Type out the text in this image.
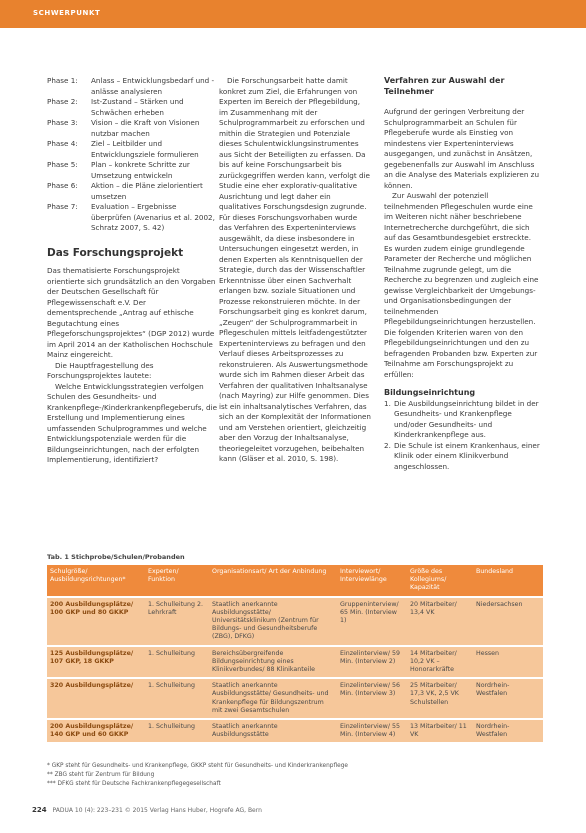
SCHWERPUNKT
Phase 1:	Anlass – Entwicklungsbedarf und -anlässe analysieren
Phase 2:	Ist-Zustand – Stärken und Schwächen erheben
Phase 3:	Vision – die Kraft von Visionen nutzbar machen
Phase 4:	Ziel – Leitbilder und Entwicklungsziele formulieren
Phase 5:	Plan – konkrete Schritte zur Umsetzung entwickeln
Phase 6:	Aktion – die Pläne zielorientiert umsetzen
Phase 7:	Evaluation – Ergebnisse überprüfen (Avenarius et al. 2002, Schratz 2007, S. 42)
Das Forschungsprojekt

Das thematisierte Forschungsprojekt orientierte sich grundsätzlich an den Vorgaben der Deutschen Gesellschaft für Pflegewissenschaft e.V. Der dementsprechende „Antrag auf ethische Begutachtung eines Pflegeforschungsprojektes“ (DGP 2012) wurde im April 2014 an der Katholischen Hochschule Mainz eingereicht.

Die Hauptfragestellung des Forschungsprojektes lautete:

Welche Entwicklungsstrategien verfolgen Schulen des Gesundheits- und Krankenpflege-/Kinderkrankenpflegeberufs, die Erstellung und Implementierung eines umfassenden Schulprogrammes und welche Entwicklungspotenziale werden für die Bildungseinrichtungen, nach der erfolgten Implementierung, identifiziert?

Die Forschungsarbeit hatte damit konkret zum Ziel, die Erfahrungen von Experten im Bereich der Pflegebildung, im Zusammenhang mit der Schulprogrammarbeit zu erforschen und mithin die Strategien und Potenziale dieses Schulentwicklungsinstrumentes aus Sicht der Beteiligten zu erfassen. Da bis auf keine Forschungsarbeit bis zurückgegriffen werden kann, verfolgt die Studie eine eher explorativ-qualitative Ausrichtung und legt daher ein qualitatives Forschungsdesign zugrunde. Für dieses Forschungsvorhaben wurde das Verfahren des Experteninterviews ausgewählt, da diese insbesondere in Untersuchungen eingesetzt werden, in denen Experten als Kenntnisquellen der Strategie, durch das der Wissenschaftler Erkenntnisse über einen Sachverhalt erlangen bzw. soziale Situationen und Prozesse rekonstruieren möchte. In der Forschungsarbeit ging es konkret darum, „Zeugen“ der Schulprogrammarbeit in Pflegeschulen mittels leitfadengestützter Experteninterviews zu befragen und den Verlauf dieses Arbeitsprozesses zu rekonstruieren. Als Auswertungsmethode wurde sich im Rahmen dieser Arbeit das Verfahren der qualitativen Inhaltsanalyse (nach Mayring) zur Hilfe genommen. Dies ist ein inhaltsanalytisches Verfahren, das sich an der Komplexität der Informationen und am Verstehen orientiert, gleichzeitig aber den Vorzug der Inhaltsanalyse, theoriegeleitet vorzugehen, beibehalten kann (Gläser et al. 2010, S. 198).

Verfahren zur Auswahl der Teilnehmer

Aufgrund der geringen Verbreitung der Schulprogrammarbeit an Schulen für Pflegeberufe wurde als Einstieg von mindestens vier Experteninterviews ausgegangen, und zunächst in Ansätzen, gegebenenfalls zur Auswahl im Anschluss an die Analyse des Materials explizieren zu können.

Zur Auswahl der potenziell teilnehmenden Pflegeschulen wurde eine im Weiteren nicht näher beschriebene Internetrecherche durchgeführt, die sich auf das Gesamtbundesgebiet erstreckte. Es wurden zudem einige grundlegende Parameter der Recherche und möglichen Teilnahme zugrunde gelegt, um die Recherche zu begrenzen und zugleich eine gewisse Vergleichbarkeit der Umgebungs- und Organisationsbedingungen der teilnehmenden Pflegebildungseinrichtungen herzustellen. Die folgenden Kriterien waren von den Pflegebildungseinrichtungen und den zu befragenden Probanden bzw. Experten zur Teilnahme am Forschungsprojekt zu erfüllen:

Bildungseinrichtung
1. Die Ausbildungseinrichtung bildet in der Gesundheits- und Krankenpflege und/oder Gesundheits- und Kinderkrankenpflege aus.
2. Die Schule ist einem Krankenhaus, einer Klinik oder einem Klinikverbund angeschlossen.
Tab. 1 Stichprobe/Schulen/Probanden
Schulgröße/ Ausbildungsrichtungen*	Experten/ Funktion	Organisationsart/ Art der Anbindung	Interviewort/ Interviewlänge	Größe des Kollegiums/ Kapazität	Bundesland
200 Ausbildungsplätze/ 100 GKP und 80 GKKP	1. Schulleitung 2. Lehrkraft	Staatlich anerkannte Ausbildungsstätte/ Universitätsklinikum (Zentrum für Bildungs- und Gesundheitsberufe (ZBG), DFKG)	Gruppeninterview/ 65 Min. (Interview 1)	20 Mitarbeiter/ 13,4 VK	Niedersachsen
125 Ausbildungsplätze/ 107 GKP, 18 GKKP	1. Schulleitung	Bereichsübergreifende Bildungseinrichtung eines Klinikverbundes/ 88 Klinikanteile	Einzelinterview/ 59 Min. (Interview 2)	14 Mitarbeiter/ 10,2 VK – Honorarkräfte	Hessen
320 Ausbildungsplätze/	1. Schulleitung	Staatlich anerkannte Ausbildungsstätte/ Gesundheits- und Krankenpflege für Bildungszentrum mit zwei Gesamtschulen	Einzelinterview/ 56 Min. (Interview 3)	25 Mitarbeiter/ 17,3 VK, 2,5 VK Schulstellen	Nordrhein-Westfalen
200 Ausbildungsplätze/ 140 GKP und 60 GKKP	1. Schulleitung	Staatlich anerkannte Ausbildungsstätte	Einzelinterview/ 55 Min. (Interview 4)	13 Mitarbeiter/ 11 VK	Nordrhein-Westfalen
* GKP steht für Gesundheits- und Krankenpflege, GKKP steht für Gesundheits- und Kinderkrankenpflege
** ZBG steht für Zentrum für Bildung
*** DFKG steht für Deutsche Fachkrankenpflegegesellschaft
224 PADUA 10 (4): 223–231 © 2015 Verlag Hans Huber, Hogrefe AG, Bern
